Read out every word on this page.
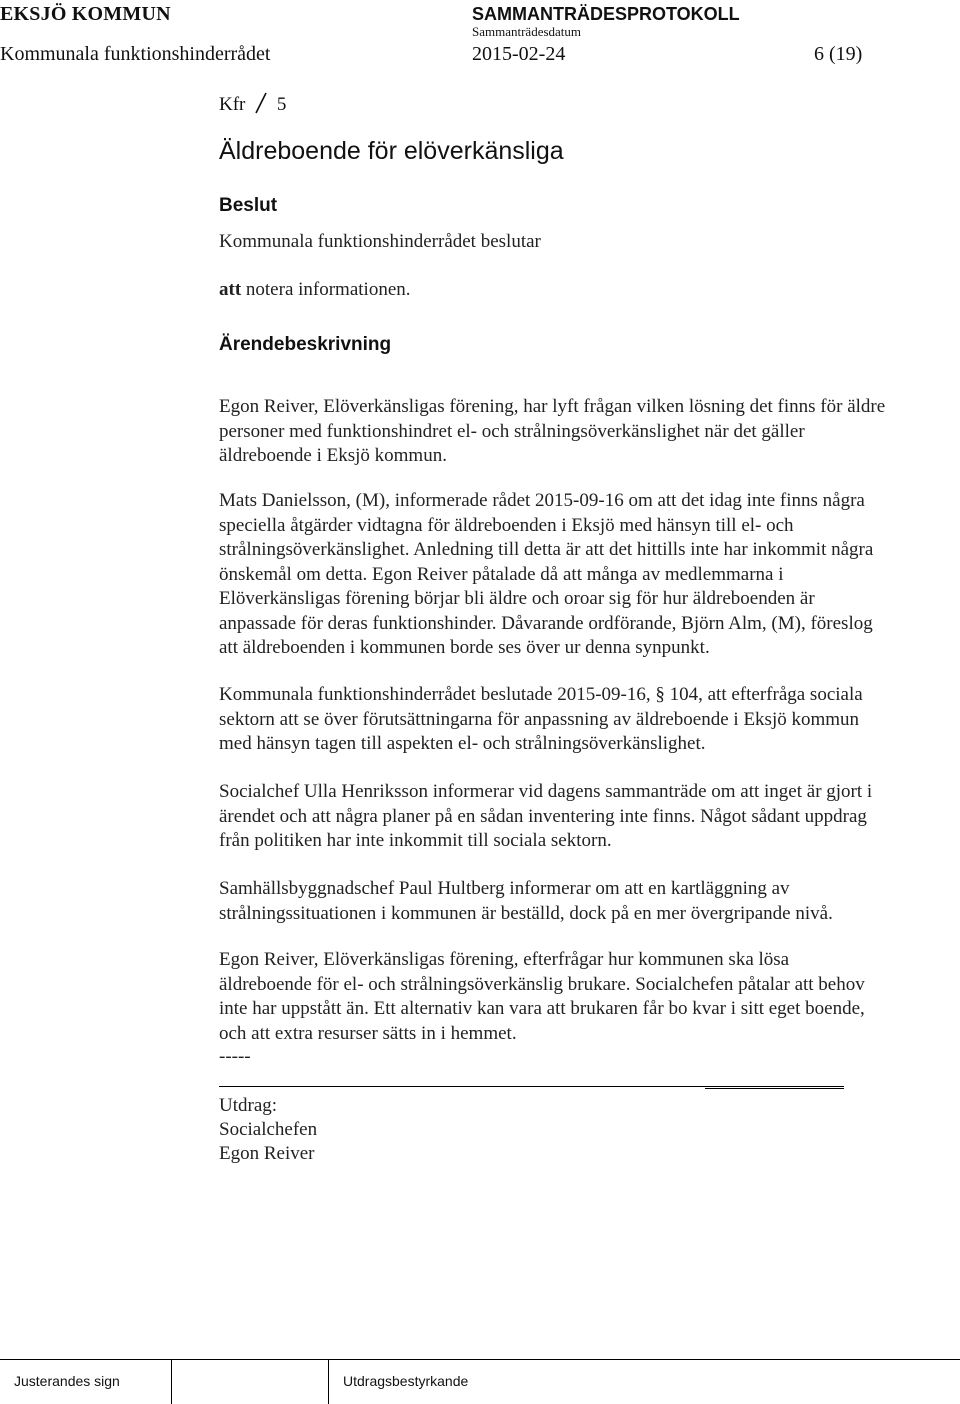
EKSJÖ KOMMUN	SAMMANTRÄDESPROTOKOLL
Sammanträdesdatum
Kommunala funktionshinderrådet	2015-02-24	6 (19)
Kfr 5
Äldreboende för elöverkänsliga
Beslut
Kommunala funktionshinderrådet beslutar
att notera informationen.
Ärendebeskrivning
Egon Reiver, Elöverkänsligas förening, har lyft frågan vilken lösning det finns för äldre
personer med funktionshindret el- och strålningsöverkänslighet när det gäller
äldreboende i Eksjö kommun.
Mats Danielsson, (M), informerade rådet 2015-09-16 om att det idag inte finns några
speciella åtgärder vidtagna för äldreboenden i Eksjö med hänsyn till el- och
strålningsöverkänslighet. Anledning till detta är att det hittills inte har inkommit några
önskemål om detta. Egon Reiver påtalade då att många av medlemmarna i
Elöverkänsligas förening börjar bli äldre och oroar sig för hur äldreboenden är
anpassade för deras funktionshinder. Dåvarande ordförande, Björn Alm, (M), föreslog
att äldreboenden i kommunen borde ses över ur denna synpunkt.
Kommunala funktionshinderrådet beslutade 2015-09-16, § 104, att efterfråga sociala
sektorn att se över förutsättningarna för anpassning av äldreboende i Eksjö kommun
med hänsyn tagen till aspekten el- och strålningsöverkänslighet.
Socialchef Ulla Henriksson informerar vid dagens sammanträde om att inget är gjort i
ärendet och att några planer på en sådan inventering inte finns. Något sådant uppdrag
från politiken har inte inkommit till sociala sektorn.
Samhällsbyggnadschef Paul Hultberg informerar om att en kartläggning av
strålningssituationen i kommunen är beställd, dock på en mer övergripande nivå.
Egon Reiver, Elöverkänsligas förening, efterfrågar hur kommunen ska lösa
äldreboende för el- och strålningsöverkänslig brukare. Socialchefen påtalar att behov
inte har uppstått än. Ett alternativ kan vara att brukaren får bo kvar i sitt eget boende,
och att extra resurser sätts in i hemmet.
-----
Utdrag:
Socialchefen
Egon Reiver
Justerandes sign	Utdragsbestyrkande
